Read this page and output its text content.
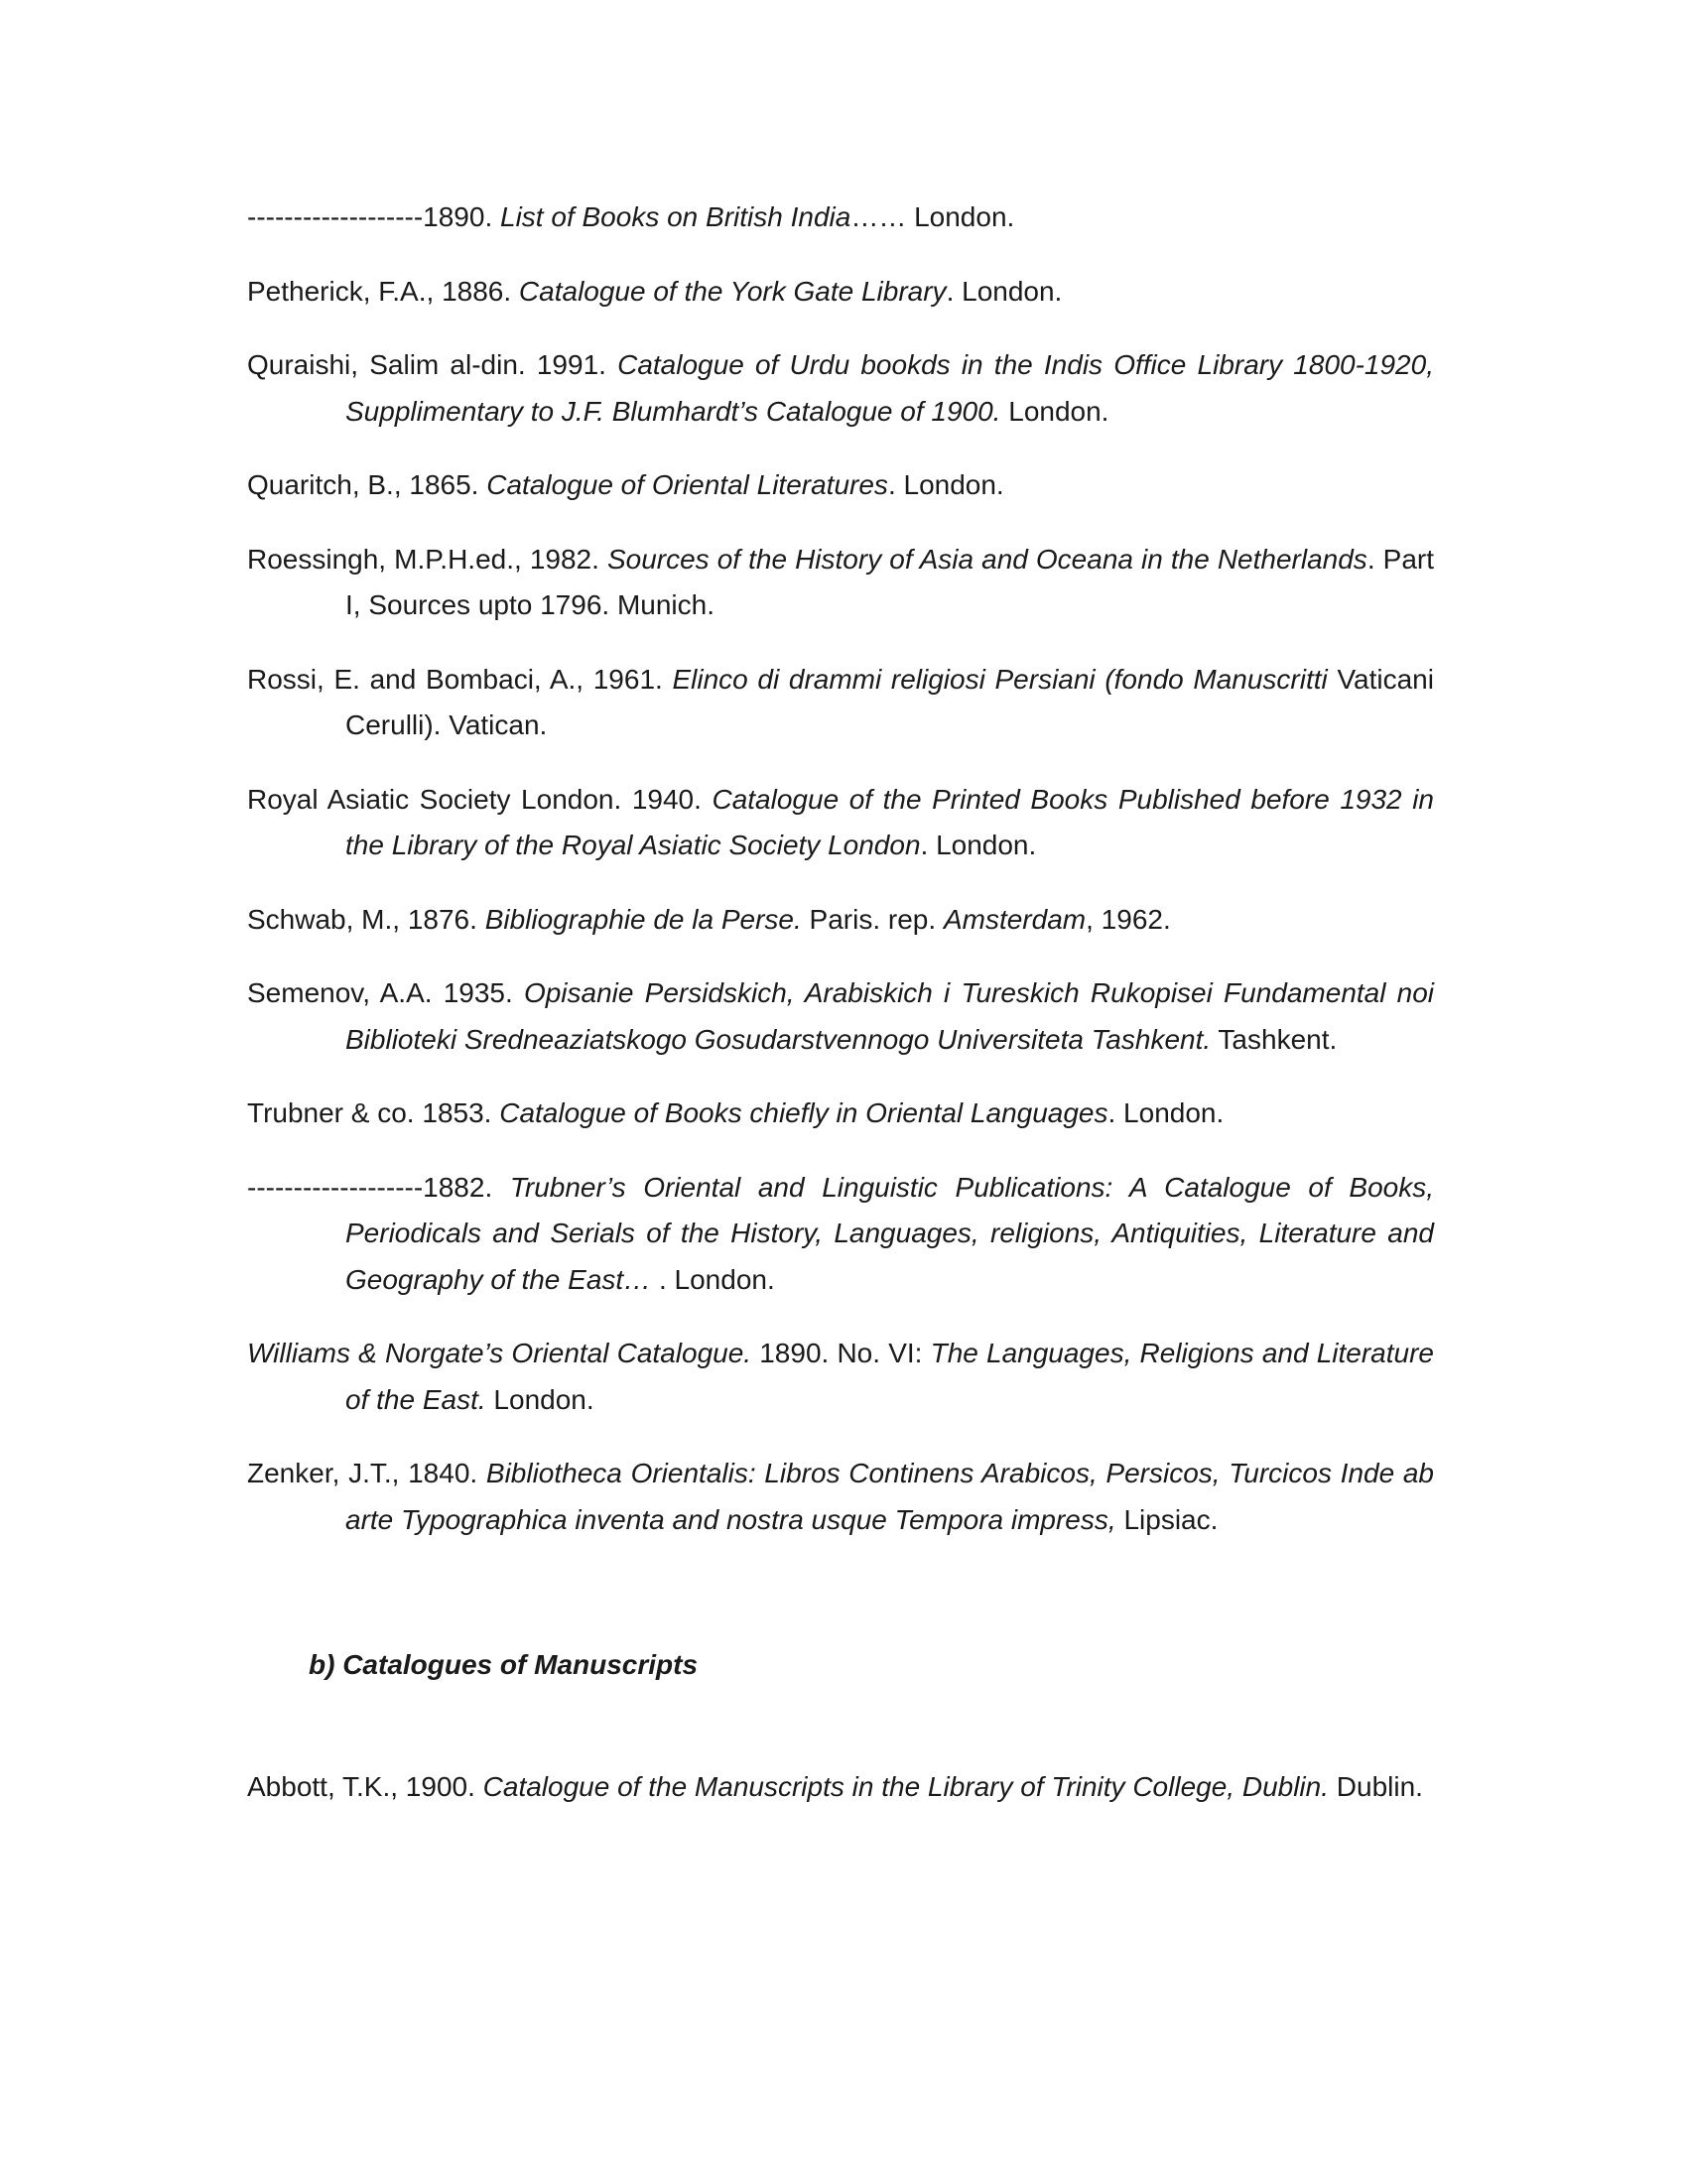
-------------------1890. List of Books on British India…… London.

Petherick, F.A., 1886. Catalogue of the York Gate Library. London.

Quraishi, Salim al-din. 1991. Catalogue of Urdu bookds in the Indis Office Library 1800-1920, Supplimentary to J.F. Blumhardt’s Catalogue of 1900. London.

Quaritch, B., 1865. Catalogue of Oriental Literatures. London.

Roessingh, M.P.H.ed., 1982. Sources of the History of Asia and Oceana in the Netherlands. Part I, Sources upto 1796. Munich.

Rossi, E. and Bombaci, A., 1961. Elinco di drammi religiosi Persiani (fondo Manuscritti Vaticani Cerulli). Vatican.

Royal Asiatic Society London. 1940. Catalogue of the Printed Books Published before 1932 in the Library of the Royal Asiatic Society London. London.

Schwab, M., 1876. Bibliographie de la Perse. Paris. rep. Amsterdam, 1962.

Semenov, A.A. 1935. Opisanie Persidskich, Arabiskich i Tureskich Rukopisei Fundamental noi Biblioteki Sredneaziatskogo Gosudarstvennogo Universiteta Tashkent. Tashkent.

Trubner & co. 1853. Catalogue of Books chiefly in Oriental Languages. London.

-------------------1882. Trubner’s Oriental and Linguistic Publications: A Catalogue of Books, Periodicals and Serials of the History, Languages, religions, Antiquities, Literature and Geography of the East… . London.

Williams & Norgate’s Oriental Catalogue. 1890. No. VI: The Languages, Religions and Literature of the East. London.

Zenker, J.T., 1840. Bibliotheca Orientalis: Libros Continens Arabicos, Persicos, Turcicos Inde ab arte Typographica inventa and nostra usque Tempora impress, Lipsiac.

b) Catalogues of Manuscripts

Abbott, T.K., 1900. Catalogue of the Manuscripts in the Library of Trinity College, Dublin. Dublin.
